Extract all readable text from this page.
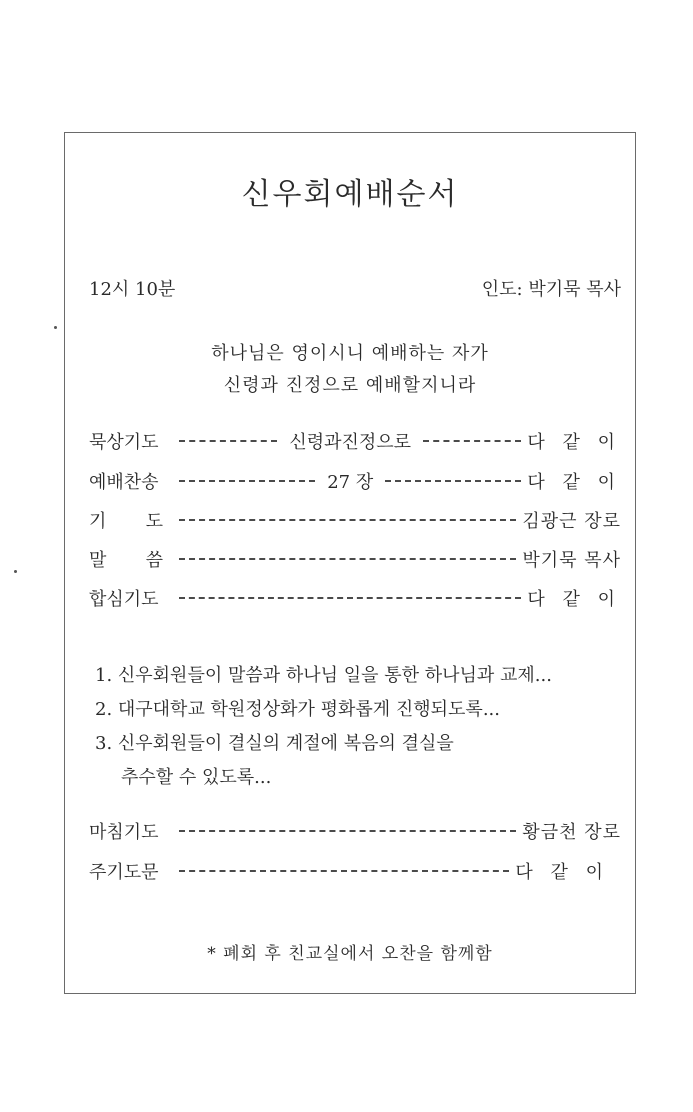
신우회예배순서
12시 10분	인도: 박기묵 목사
하나님은 영이시니 예배하는 자가
신령과 진정으로 예배할지니라
묵상기도	신령과진정으로	다 같 이
예배찬송	27 장	다 같 이
기 도	김광근 장로
말 씀	박기묵 목사
합심기도	다 같 이
1. 신우회원들이 말씀과 하나님 일을 통한 하나님과 교제...
2. 대구대학교 학원정상화가 평화롭게 진행되도록...
3. 신우회원들이 결실의 계절에 복음의 결실을
추수할 수 있도록...
마침기도	황금천 장로
주기도문	다 같 이
* 폐회 후 친교실에서 오찬을 함께함
